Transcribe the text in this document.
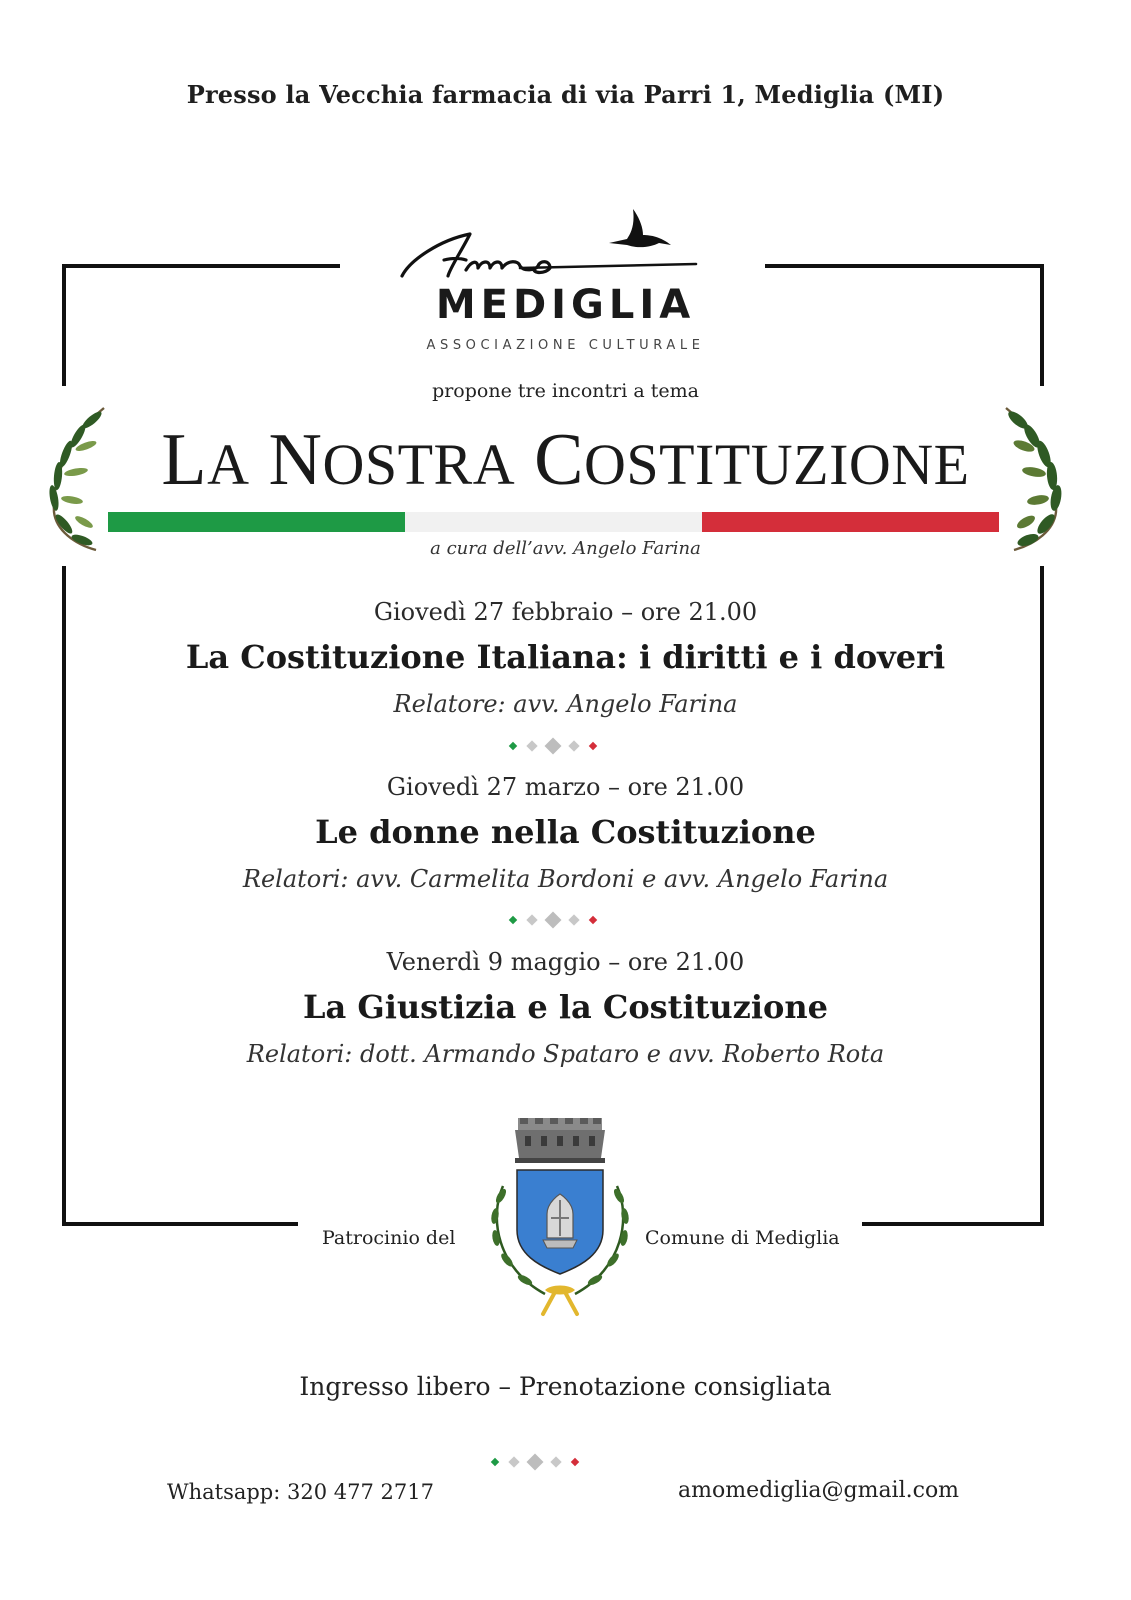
Presso la Vecchia farmacia di via Parri 1, Mediglia (MI)
MEDIGLIA
ASSOCIAZIONE CULTURALE
propone tre incontri a tema
LA NOSTRA COSTITUZIONE
a cura dell’avv. Angelo Farina
Giovedì 27 febbraio – ore 21.00
La Costituzione Italiana: i diritti e i doveri
Relatore: avv. Angelo Farina
Giovedì 27 marzo – ore 21.00
Le donne nella Costituzione
Relatori: avv. Carmelita Bordoni e avv. Angelo Farina
Venerdì 9 maggio – ore 21.00
La Giustizia e la Costituzione
Relatori: dott. Armando Spataro e avv. Roberto Rota
Patrocinio del	Comune di Mediglia
Ingresso libero – Prenotazione consigliata
Whatsapp: 320 477 2717	amomediglia@gmail.com
